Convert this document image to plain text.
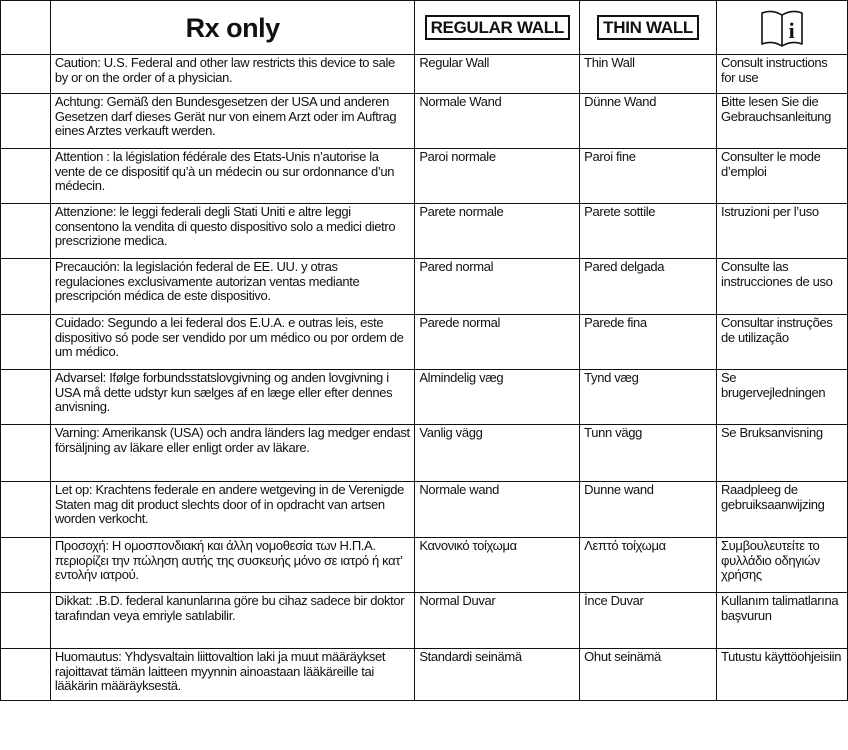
	Rx only	REGULAR WALL	THIN WALL	i

	Caution: U.S. Federal and other law restricts this device to sale by or on the order of a physician.	Regular Wall	Thin Wall	Consult instructions for use
	Achtung: Gemäß den Bundesgesetzen der USA und anderen Gesetzen darf dieses Gerät nur von einem Arzt oder im Auftrag eines Arztes verkauft werden.	Normale Wand	Dünne Wand	Bitte lesen Sie die Gebrauchsanleitung
	Attention : la législation fédérale des Etats-Unis n’autorise la vente de ce dispositif qu’à un médecin ou sur ordonnance d’un médecin.	Paroi normale	Paroi fine	Consulter le mode d’emploi
	Attenzione: le leggi federali degli Stati Uniti e altre leggi consentono la vendita di questo dispositivo solo a medici dietro prescrizione medica.	Parete normale	Parete sottile	Istruzioni per l’uso
	Precaución: la legislación federal de EE. UU. y otras regulaciones exclusivamente autorizan ventas mediante prescripción médica de este dispositivo.	Pared normal	Pared delgada	Consulte las instrucciones de uso
	Cuidado: Segundo a lei federal dos E.U.A. e outras leis, este dispositivo só pode ser vendido por um médico ou por ordem de um médico.	Parede normal	Parede fina	Consultar instruções de utilização
	Advarsel: Ifølge forbundsstatslovgivning og anden lovgivning i USA må dette udstyr kun sælges af en læge eller efter dennes anvisning.	Almindelig væg	Tynd væg	Se brugervejledningen
	Varning: Amerikansk (USA) och andra länders lag medger endast försäljning av läkare eller enligt order av läkare.	Vanlig vägg	Tunn vägg	Se Bruksanvisning
	Let op: Krachtens federale en andere wetgeving in de Verenigde Staten mag dit product slechts door of in opdracht van artsen worden verkocht.	Normale wand	Dunne wand	Raadpleeg de gebruiksaanwijzing
	Προσοχή: Η ομοσπονδιακή και άλλη νομοθεσία των Η.Π.Α. περιορίζει την πώληση αυτής της συσκευής μόνο σε ιατρό ή κατ’ εντολήν ιατρού.	Κανονικό τοίχωμα	Λεπτό τοίχωμα	Συμβουλευτείτε το φυλλάδιο οδηγιών χρήσης
	Dikkat: .B.D. federal kanunlarına göre bu cihaz sadece bir doktor tarafından veya emriyle satılabilir.	Normal Duvar	İnce Duvar	Kullanım talimatlarına başvurun
	Huomautus: Yhdysvaltain liittovaltion laki ja muut määräykset rajoittavat tämän laitteen myynnin ainoastaan lääkäreille tai lääkärin määräyksestä.	Standardi seinämä	Ohut seinämä	Tutustu käyttöohjeisiin
